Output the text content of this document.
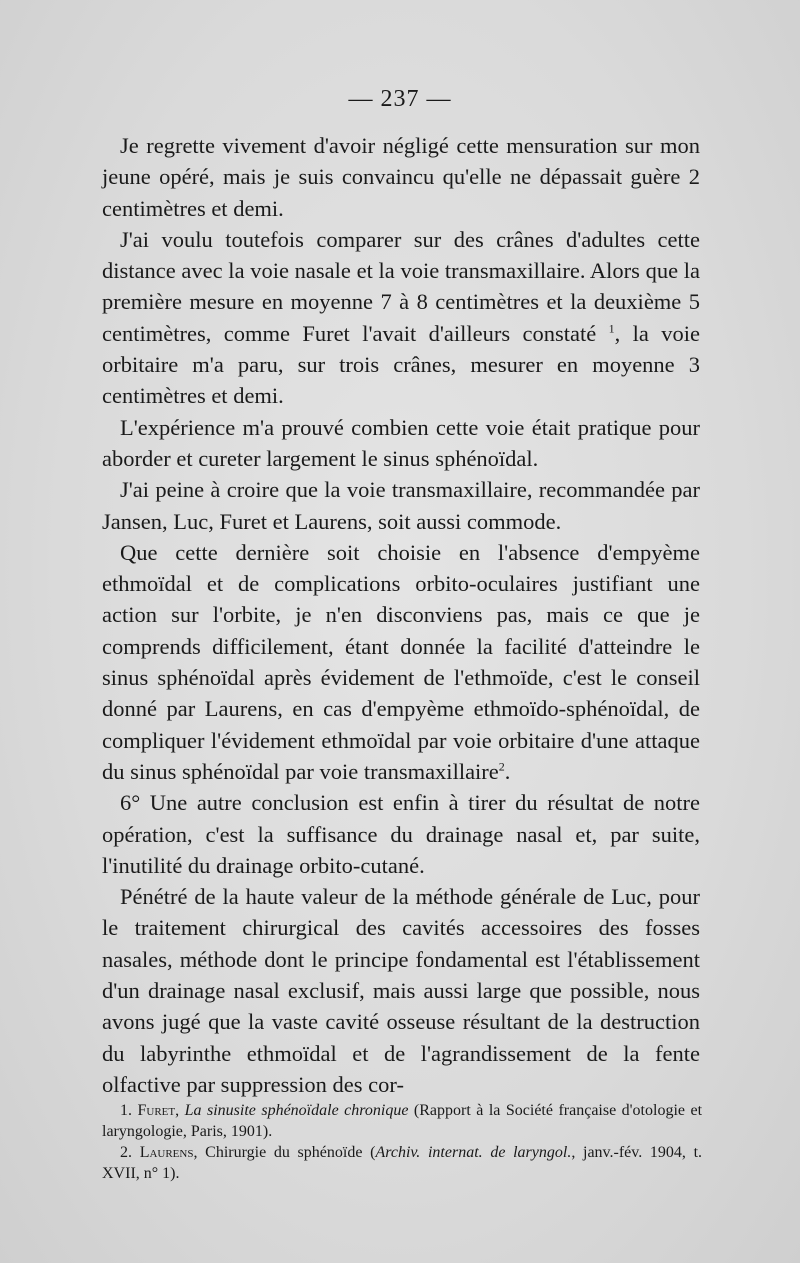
— 237 —

Je regrette vivement d'avoir négligé cette mensuration sur mon jeune opéré, mais je suis convaincu qu'elle ne dépassait guère 2 centimètres et demi.

J'ai voulu toutefois comparer sur des crânes d'adultes cette distance avec la voie nasale et la voie transmaxillaire. Alors que la première mesure en moyenne 7 à 8 centimètres et la deuxième 5 centimètres, comme Furet l'avait d'ailleurs constaté $^1$, la voie orbitaire m'a paru, sur trois crânes, mesurer en moyenne 3 centimètres et demi.

L'expérience m'a prouvé combien cette voie était pratique pour aborder et cureter largement le sinus sphénoïdal.

J'ai peine à croire que la voie transmaxillaire, recommandée par Jansen, Luc, Furet et Laurens, soit aussi commode.

Que cette dernière soit choisie en l'absence d'empyème ethmoïdal et de complications orbito-oculaires justifiant une action sur l'orbite, je n'en disconviens pas, mais ce que je comprends difficilement, étant donnée la facilité d'atteindre le sinus sphénoïdal après évidement de l'ethmoïde, c'est le conseil donné par Laurens, en cas d'empyème ethmoïdo-sphénoïdal, de compliquer l'évidement ethmoïdal par voie orbitaire d'une attaque du sinus sphénoïdal par voie transmaxillaire$^2$.

6° Une autre conclusion est enfin à tirer du résultat de notre opération, c'est la suffisance du drainage nasal et, par suite, l'inutilité du drainage orbito-cutané.

Pénétré de la haute valeur de la méthode générale de Luc, pour le traitement chirurgical des cavités accessoires des fosses nasales, méthode dont le principe fondamental est l'établissement d'un drainage nasal exclusif, mais aussi large que possible, nous avons jugé que la vaste cavité osseuse résultant de la destruction du labyrinthe ethmoïdal et de l'agrandissement de la fente olfactive par suppression des cor-

1. Furet, La sinusite sphénoïdale chronique (Rapport à la Société française d'otologie et laryngologie, Paris, 1901).

2. Laurens, Chirurgie du sphénoïde (Archiv. internat. de laryngol., janv.-fév. 1904, t. XVII, n° 1).
